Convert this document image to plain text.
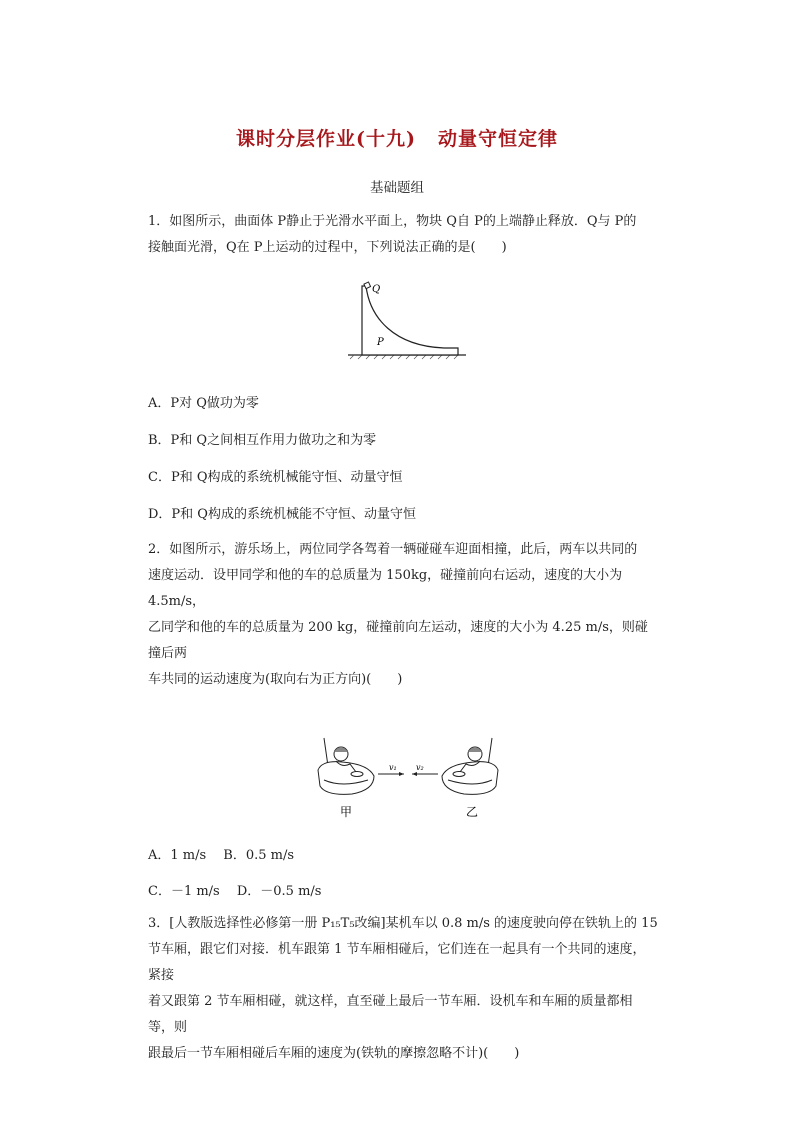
课时分层作业(十九) 动量守恒定律
基础题组
1．如图所示，曲面体 P静止于光滑水平面上，物块 Q自 P的上端静止释放．Q与 P的
接触面光滑，Q在 P上运动的过程中，下列说法正确的是(　　)
Q
P
A．P对 Q做功为零
B．P和 Q之间相互作用力做功之和为零
C．P和 Q构成的系统机械能守恒、动量守恒
D．P和 Q构成的系统机械能不守恒、动量守恒
2．如图所示，游乐场上，两位同学各驾着一辆碰碰车迎面相撞，此后，两车以共同的
速度运动．设甲同学和他的车的总质量为 150kg，碰撞前向右运动，速度的大小为 4.5m/s，
乙同学和他的车的总质量为 200 kg，碰撞前向左运动，速度的大小为 4.25 m/s，则碰撞后两
车共同的运动速度为(取向右为正方向)(　　)
v₁ v₂
甲	乙
A．1 m/s　 B．0.5 m/s
C．－1 m/s　 D．－0.5 m/s
3．[人教版选择性必修第一册 P₁₅T₅改编]某机车以 0.8 m/s 的速度驶向停在铁轨上的 15
节车厢，跟它们对接．机车跟第 1 节车厢相碰后，它们连在一起具有一个共同的速度，紧接
着又跟第 2 节车厢相碰，就这样，直至碰上最后一节车厢．设机车和车厢的质量都相等，则
跟最后一节车厢相碰后车厢的速度为(铁轨的摩擦忽略不计)(　　)
